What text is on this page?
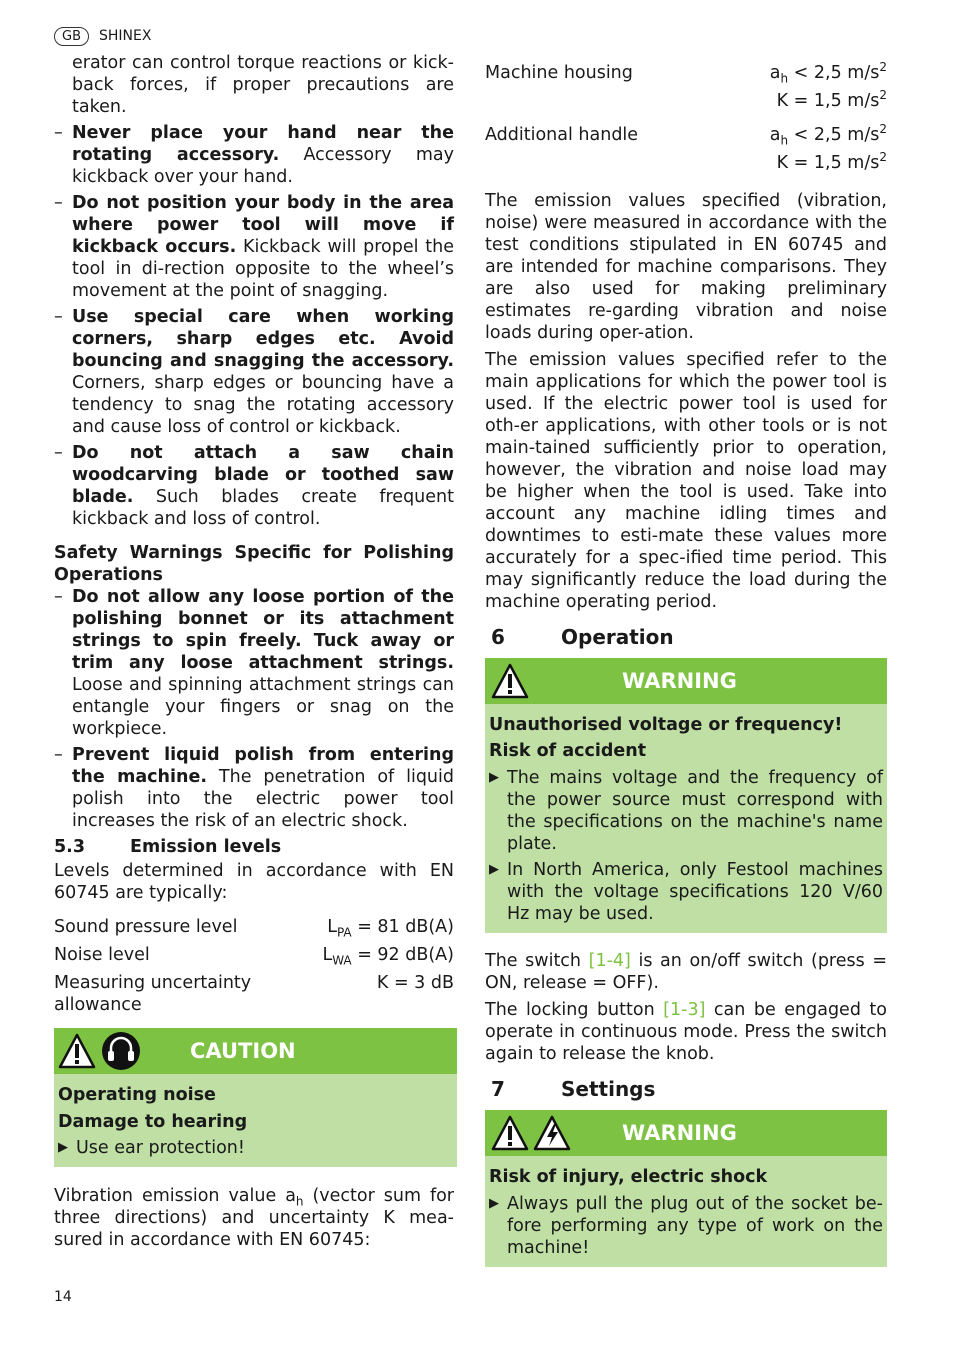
GB	SHINEX

erator can control torque reactions or kick-back forces, if proper precautions are taken.

– Never place your hand near the rotating accessory. Accessory may kickback over your hand.
– Do not position your body in the area where power tool will move if kickback occurs. Kickback will propel the tool in di-rection opposite to the wheel’s movement at the point of snagging.
– Use special care when working corners, sharp edges etc. Avoid bouncing and snagging the accessory. Corners, sharp edges or bouncing have a tendency to snag the rotating accessory and cause loss of control or kickback.
– Do not attach a saw chain woodcarving blade or toothed saw blade. Such blades create frequent kickback and loss of control.

Safety Warnings Specific for Polishing Operations

– Do not allow any loose portion of the polishing bonnet or its attachment strings to spin freely. Tuck away or trim any loose attachment strings. Loose and spinning attachment strings can entangle your fingers or snag on the workpiece.
– Prevent liquid polish from entering the machine. The penetration of liquid polish into the electric power tool increases the risk of an electric shock.
5.3	Emission levels

Levels determined in accordance with EN 60745 are typically:

Sound pressure level	$L_{PA} = 81$ dB(A)
Noise level	$L_{WA} = 92$ dB(A)
Measuring uncertainty allowance
K = 3 dB
CAUTION
Operating noise
Damage to hearing
▶ Use ear protection!

Vibration emission value $a_h$ (vector sum for three directions) and uncertainty K mea-sured in accordance with EN 60745:

Machine housing	$a_h < 2,5$ $m/s^2$
K = 1,5 $m/s^2$
Additional handle	$a_h < 2,5$ $m/s^2$
K = 1,5 $m/s^2$

The emission values specified (vibration, noise) were measured in accordance with the test conditions stipulated in EN 60745 and are intended for machine comparisons. They are also used for making preliminary estimates re-garding vibration and noise loads during oper-ation.

The emission values specified refer to the main applications for which the power tool is used. If the electric power tool is used for oth-er applications, with other tools or is not main-tained sufficiently prior to operation, however, the vibration and noise load may be higher when the tool is used. Take into account any machine idling times and downtimes to esti-mate these values more accurately for a spec-ified time period. This may significantly reduce the load during the machine operating period.

6	Operation
WARNING
Unauthorised voltage or frequency!
Risk of accident
▶ The mains voltage and the frequency of the power source must correspond with the specifications on the machine's name plate.
▶ In North America, only Festool machines with the voltage specifications 120 V/60 Hz may be used.

The switch [1-4] is an on/off switch (press = ON, release = OFF).

The locking button [1-3] can be engaged to operate in continuous mode. Press the switch again to release the knob.

7	Settings
WARNING
Risk of injury, electric shock
▶ Always pull the plug out of the socket be-fore performing any type of work on the machine!
14
